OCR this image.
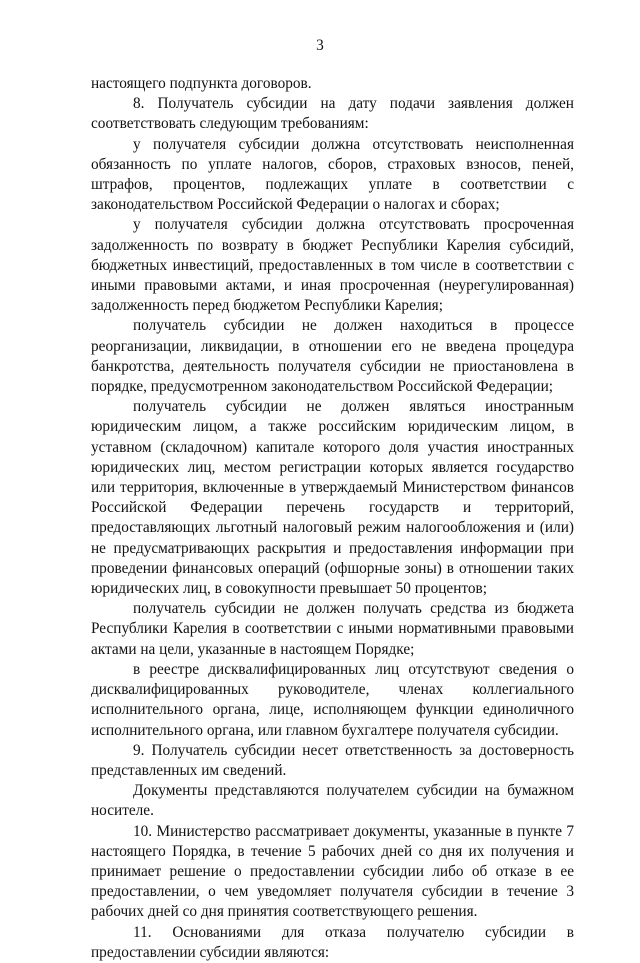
3

настоящего подпункта договоров.

8. Получатель субсидии на дату подачи заявления должен соответствовать следующим требованиям:

у получателя субсидии должна отсутствовать неисполненная обязанность по уплате налогов, сборов, страховых взносов, пеней, штрафов, процентов, подлежащих уплате в соответствии с законодательством Российской Федерации о налогах и сборах;

у получателя субсидии должна отсутствовать просроченная задолженность по возврату в бюджет Республики Карелия субсидий, бюджетных инвестиций, предоставленных в том числе в соответствии с иными правовыми актами, и иная просроченная (неурегулированная) задолженность перед бюджетом Республики Карелия;

получатель субсидии не должен находиться в процессе реорганизации, ликвидации, в отношении его не введена процедура банкротства, деятельность получателя субсидии не приостановлена в порядке, предусмотренном законодательством Российской Федерации;

получатель субсидии не должен являться иностранным юридическим лицом, а также российским юридическим лицом, в уставном (складочном) капитале которого доля участия иностранных юридических лиц, местом регистрации которых является государство или территория, включенные в утверждаемый Министерством финансов Российской Федерации перечень государств и территорий, предоставляющих льготный налоговый режим налогообложения и (или) не предусматривающих раскрытия и предоставления информации при проведении финансовых операций (офшорные зоны) в отношении таких юридических лиц, в совокупности превышает 50 процентов;

получатель субсидии не должен получать средства из бюджета Республики Карелия в соответствии с иными нормативными правовыми актами на цели, указанные в настоящем Порядке;

в реестре дисквалифицированных лиц отсутствуют сведения о дисквалифицированных руководителе, членах коллегиального исполнительного органа, лице, исполняющем функции единоличного исполнительного органа, или главном бухгалтере получателя субсидии.

9. Получатель субсидии несет ответственность за достоверность представленных им сведений.

Документы представляются получателем субсидии на бумажном носителе.

10. Министерство рассматривает документы, указанные в пункте 7 настоящего Порядка, в течение 5 рабочих дней со дня их получения и принимает решение о предоставлении субсидии либо об отказе в ее предоставлении, о чем уведомляет получателя субсидии в течение 3 рабочих дней со дня принятия соответствующего решения.

11. Основаниями для отказа получателю субсидии в предоставлении субсидии являются:
